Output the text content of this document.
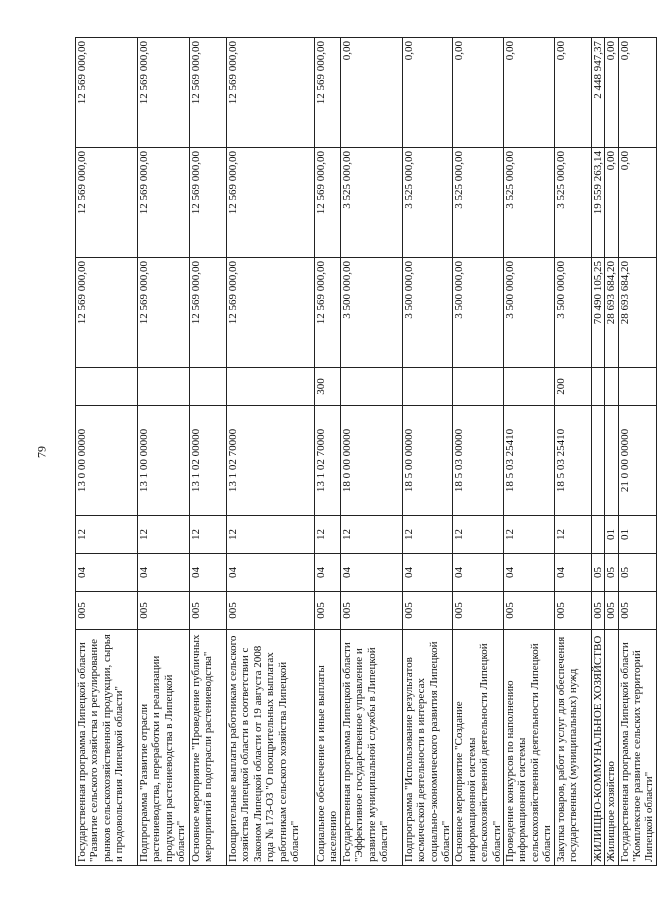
79
Государственная программа Липецкой области "Развитие сельского хозяйства и регулирование рынков сельскохозяйственной продукции, сырья и продовольствия Липецкой области"	005	04	12	13 0 00 00000		12 569 000,00	12 569 000,00	12 569 000,00
Подпрограмма "Развитие отрасли растениеводства, переработки и реализации продукции растениеводства в Липецкой области"	005	04	12	13 1 00 00000		12 569 000,00	12 569 000,00	12 569 000,00
Основное мероприятие "Проведение публичных мероприятий в подотрасли растениеводства"	005	04	12	13 1 02 00000		12 569 000,00	12 569 000,00	12 569 000,00
Поощрительные выплаты работникам сельского хозяйства Липецкой области в соответствии с Законом Липецкой области от 19 августа 2008 года № 173-ОЗ "О поощрительных выплатах работникам сельского хозяйства Липецкой области"	005	04	12	13 1 02 70000		12 569 000,00	12 569 000,00	12 569 000,00
Социальное обеспечение и иные выплаты населению	005	04	12	13 1 02 70000	300	12 569 000,00	12 569 000,00	12 569 000,00
Государственная программа Липецкой области "Эффективное государственное управление и развитие муниципальной службы в Липецкой области"	005	04	12	18 0 00 00000		3 500 000,00	3 525 000,00	0,00
Подпрограмма "Использование результатов космической деятельности в интересах социально-экономического развития Липецкой области"	005	04	12	18 5 00 00000		3 500 000,00	3 525 000,00	0,00
Основное мероприятие "Создание информационной системы сельскохозяйственной деятельности Липецкой области"	005	04	12	18 5 03 00000		3 500 000,00	3 525 000,00	0,00
Проведение конкурсов по наполнению информационной системы сельскохозяйственной деятельности Липецкой области	005	04	12	18 5 03 25410		3 500 000,00	3 525 000,00	0,00
Закупка товаров, работ и услуг для обеспечения государственных (муниципальных) нужд	005	04	12	18 5 03 25410	200	3 500 000,00	3 525 000,00	0,00
ЖИЛИЩНО-КОММУНАЛЬНОЕ ХОЗЯЙСТВО	005	05				70 490 105,25	19 559 263,14	2 448 947,37
Жилищное хозяйство	005	05	01			28 693 684,20	0,00	0,00
Государственная программа Липецкой области "Комплексное развитие сельских территорий Липецкой области"	005	05	01	21 0 00 00000		28 693 684,20	0,00	0,00
